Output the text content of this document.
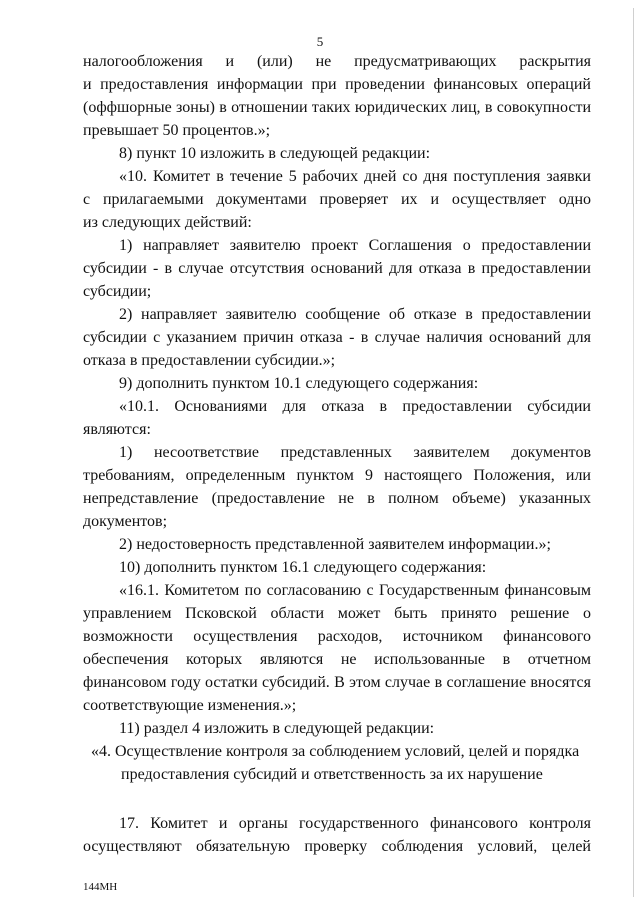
5
налогообложения и (или) не предусматривающих раскрытия
и предоставления информации при проведении финансовых операций
(оффшорные зоны) в отношении таких юридических лиц, в совокупности
превышает 50 процентов.»;
8) пункт 10 изложить в следующей редакции:
«10. Комитет в течение 5 рабочих дней со дня поступления заявки
с прилагаемыми документами проверяет их и осуществляет одно
из следующих действий:
1) направляет заявителю проект Соглашения о предоставлении
субсидии - в случае отсутствия оснований для отказа в предоставлении
субсидии;
2) направляет заявителю сообщение об отказе в предоставлении
субсидии с указанием причин отказа - в случае наличия оснований для
отказа в предоставлении субсидии.»;
9) дополнить пунктом 10.1 следующего содержания:
«10.1. Основаниями для отказа в предоставлении субсидии
являются:
1) несоответствие представленных заявителем документов
требованиям, определенным пунктом 9 настоящего Положения, или
непредставление (предоставление не в полном объеме) указанных
документов;
2) недостоверность представленной заявителем информации.»;
10) дополнить пунктом 16.1 следующего содержания:
«16.1. Комитетом по согласованию с Государственным финансовым
управлением Псковской области может быть принято решение о
возможности осуществления расходов, источником финансового
обеспечения которых являются не использованные в отчетном
финансовом году остатки субсидий. В этом случае в соглашение вносятся
соответствующие изменения.»;
11) раздел 4 изложить в следующей редакции:
«4. Осуществление контроля за соблюдением условий, целей и порядка
предоставления субсидий и ответственность за их нарушение
17. Комитет и органы государственного финансового контроля
осуществляют обязательную проверку соблюдения условий, целей
144МН
